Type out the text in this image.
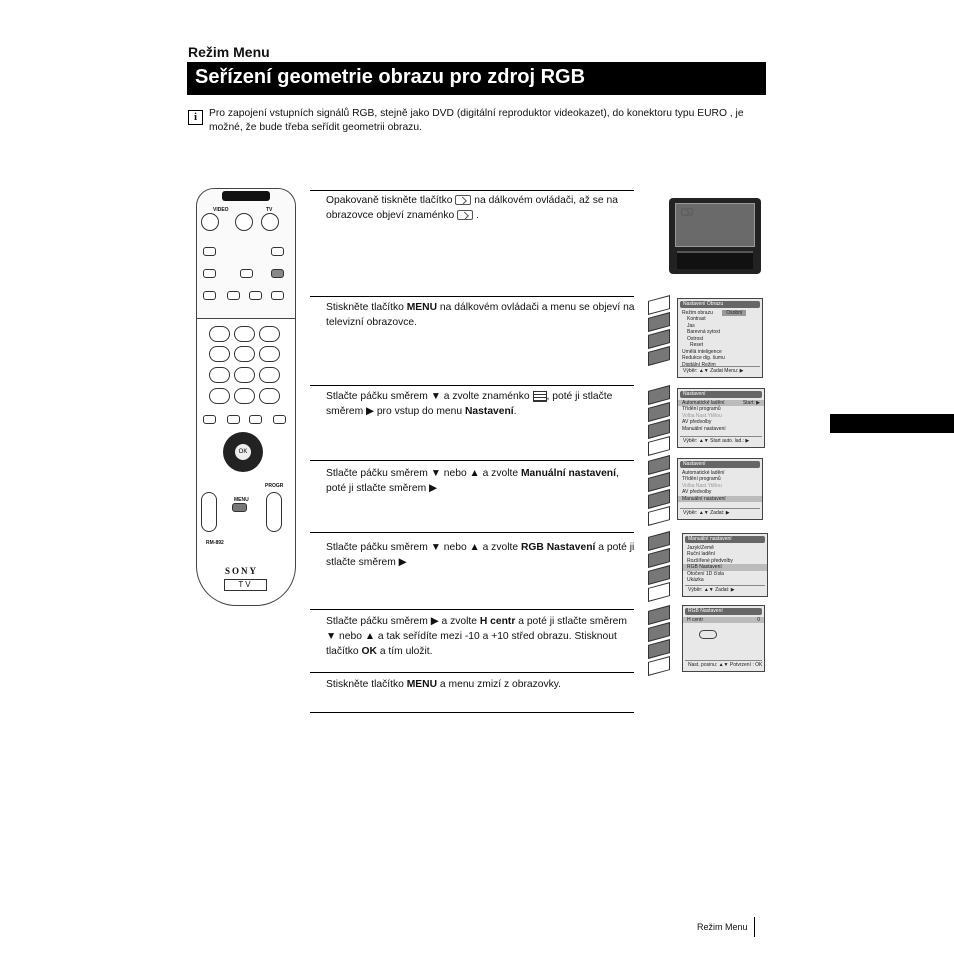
Režim Menu
Seřízení geometrie obrazu pro zdroj RGB
i	Pro zapojení vstupních signálů RGB, stejně jako DVD (digitální reproduktor videokazet), do konektoru typu EURO , je možné, že bude třeba seřídit geometrii obrazu.
Opakovaně tiskněte tlačítko na dálkovém ovládači, až se na obrazovce objeví znaménko .
Stiskněte tlačítko MENU na dálkovém ovládači a menu se objeví na televizní obrazovce.
Stlačte páčku směrem ▼ a zvolte znaménko , poté ji stlačte směrem ▶ pro vstup do menu Nastavení.
Stlačte páčku směrem ▼ nebo ▲ a zvolte Manuální nastavení, poté ji stlačte směrem ▶
Stlačte páčku směrem ▼ nebo ▲ a zvolte RGB Nastavení a poté ji stlačte směrem ▶
Stlačte páčku směrem ▶ a zvolte H centr a poté ji stlačte směrem ▼ nebo ▲ a tak seřídíte mezi -10 a +10 střed obrazu. Stisknout tlačítko OK a tím uložit.
Stiskněte tlačítko MENU a menu zmizí z obrazovky.
VIDEO	TV
OK
MENU
PROGR
RM-892
SONY
TV
Nastavení Obrazu
Režim obrazu	Osobní
Kontrast
Jas
Barevná sytost
Ostrost
Reset
Umělá inteligence
Redukce dig. šumu
Digitální Režim
Výběr: ▲▼ Zadat Menu: ▶
Nastavení
Automatické ladění	Start: ▶
Třídění programů
Volba Nast.Ytělou
AV předvolby
Manuální nastavení
Výběr: ▲▼ Start auto. lad.: ▶
Nastavení
Automatické ladění
Třídění programů
Volba Nast.Ytělou
AV předvolby
Manuální nastavení
Výběr: ▲▼ Zadat: ▶
Manuální nastavení
Jazyk/Země
Ruční ladění
Rozšířené předvolby
RGB Nastavení
Otočení 1D čísla
Ukázka
Výběr: ▲▼ Zadat: ▶
RGB Nastavení
H centr	0
Nast. posinu: ▲▼ Potvrzení : OK
Režim Menu
